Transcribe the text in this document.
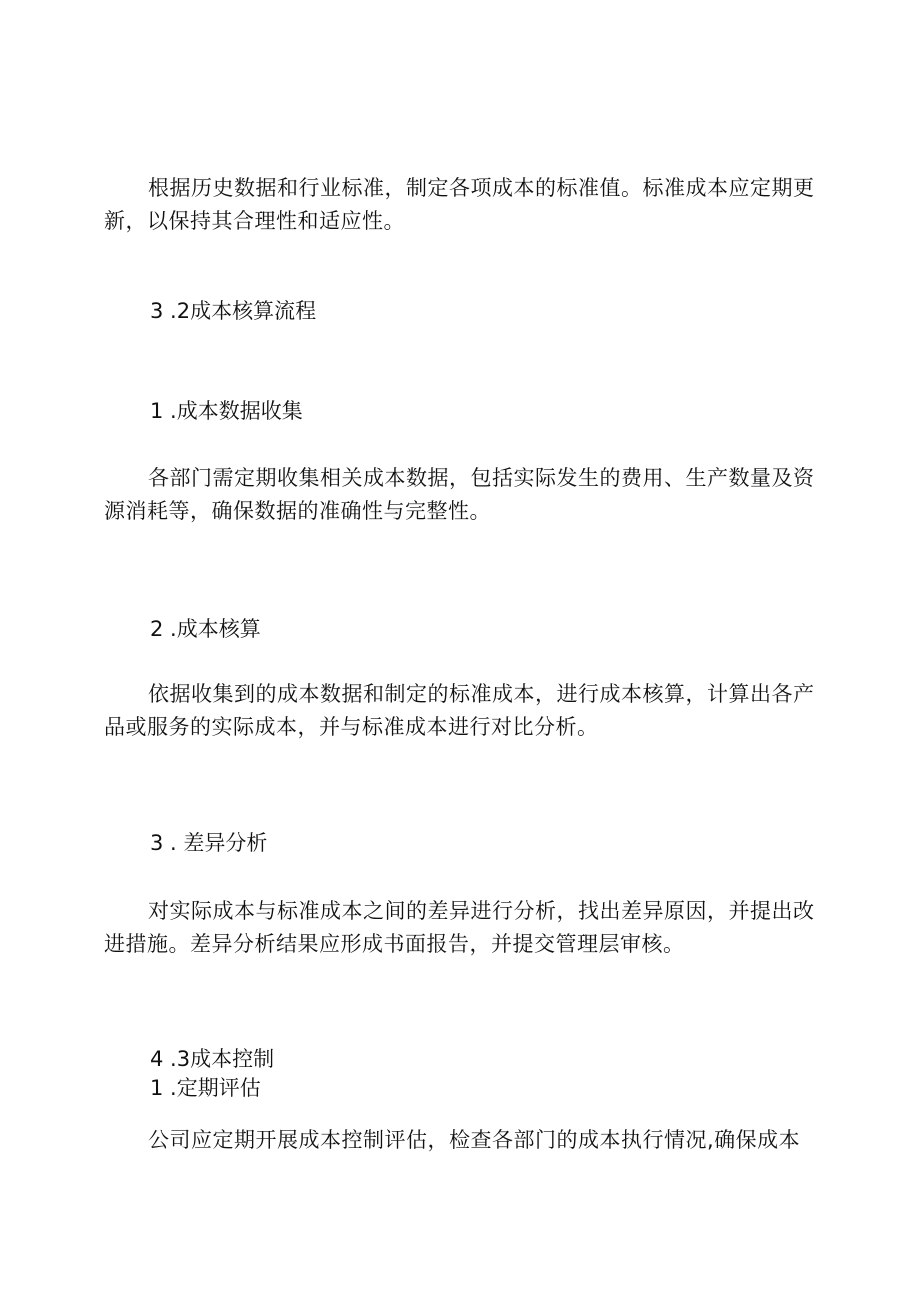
根据历史数据和行业标准，制定各项成本的标准值。标准成本应定期更
新，以保持其合理性和适应性。

3 .2成本核算流程

1 .成本数据收集

各部门需定期收集相关成本数据，包括实际发生的费用、生产数量及资
源消耗等，确保数据的准确性与完整性。

2 .成本核算

依据收集到的成本数据和制定的标准成本，进行成本核算，计算出各产
品或服务的实际成本，并与标准成本进行对比分析。

3 . 差异分析

对实际成本与标准成本之间的差异进行分析，找出差异原因，并提出改
进措施。差异分析结果应形成书面报告，并提交管理层审核。

4 .3成本控制

1 .定期评估

公司应定期开展成本控制评估，检查各部门的成本执行情况,确保成本
